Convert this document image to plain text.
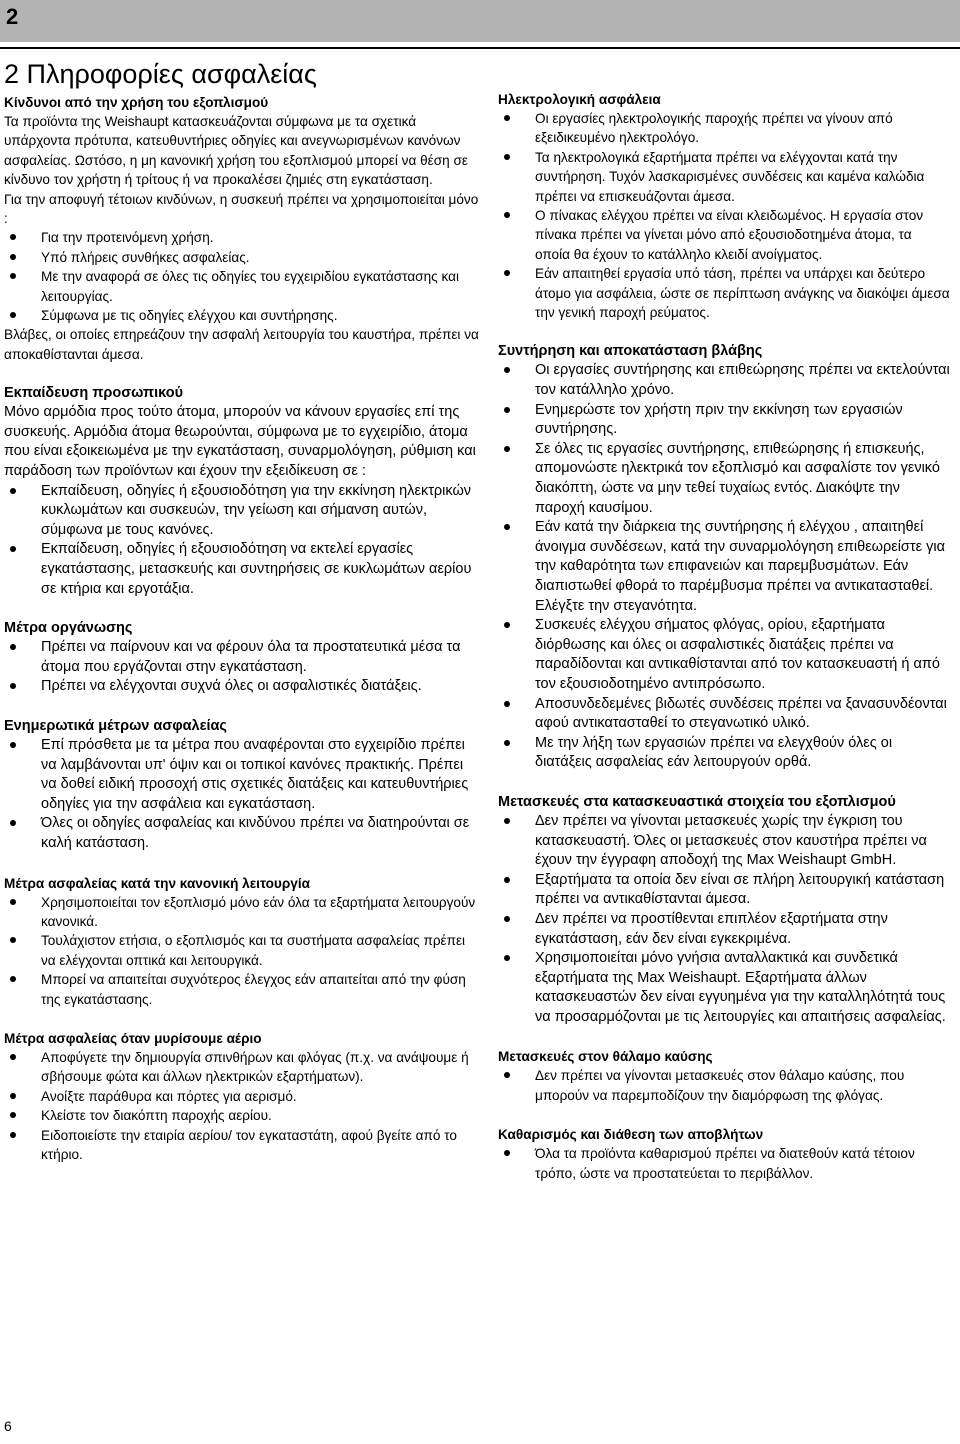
2
2 Πληροφορίες ασφαλείας
Κίνδυνοι από την χρήση του εξοπλισμού

Τα προϊόντα της Weishaupt κατασκευάζονται σύμφωνα με τα σχετικά υπάρχοντα πρότυπα, κατευθυντήριες οδηγίες και ανεγνωρισμένων κανόνων ασφαλείας. Ωστόσο, η μη κανονική χρήση του εξοπλισμού μπορεί να θέση σε κίνδυνο τον χρήστη ή τρίτους ή να προκαλέσει ζημιές στη εγκατάσταση.

Για την αποφυγή τέτοιων κινδύνων, η συσκευή πρέπει να χρησιμοποιείται μόνο :

Για την προτεινόμενη χρήση.
Υπό πλήρεις συνθήκες ασφαλείας.
Με την αναφορά σε όλες τις οδηγίες του εγχειριδίου εγκατάστασης και λειτουργίας.
Σύμφωνα με τις οδηγίες ελέγχου και συντήρησης.

Βλάβες, οι οποίες επηρεάζουν την ασφαλή λειτουργία του καυστήρα, πρέπει να αποκαθίστανται άμεσα.

Εκπαίδευση προσωπικού

Μόνο αρμόδια προς τούτο άτομα, μπορούν να κάνουν εργασίες επί της συσκευής. Αρμόδια άτομα θεωρούνται, σύμφωνα με το εγχειρίδιο, άτομα που είναι εξοικειωμένα με την εγκατάσταση, συναρμολόγηση, ρύθμιση και παράδοση των προϊόντων και έχουν την εξειδίκευση σε :

Εκπαίδευση, οδηγίες ή εξουσιοδότηση για την εκκίνηση ηλεκτρικών κυκλωμάτων και συσκευών, την γείωση και σήμανση αυτών, σύμφωνα με τους κανόνες.
Εκπαίδευση, οδηγίες ή εξουσιοδότηση να εκτελεί εργασίες εγκατάστασης, μετασκευής και συντηρήσεις σε κυκλωμάτων αερίου σε κτήρια και εργοτάξια.
Μέτρα οργάνωσης
Πρέπει να παίρνουν και να φέρουν όλα τα προστατευτικά μέσα τα άτομα που εργάζονται στην εγκατάσταση.
Πρέπει να ελέγχονται συχνά όλες οι ασφαλιστικές διατάξεις.
Ενημερωτικά μέτρων ασφαλείας
Επί πρόσθετα με τα μέτρα που αναφέρονται στο εγχειρίδιο πρέπει να λαμβάνονται υπ' όψιν και οι τοπικοί κανόνες πρακτικής. Πρέπει να δοθεί ειδική προσοχή στις σχετικές διατάξεις και κατευθυντήριες οδηγίες για την ασφάλεια και εγκατάσταση.
Όλες οι οδηγίες ασφαλείας και κινδύνου πρέπει να διατηρούνται σε καλή κατάσταση.
Μέτρα ασφαλείας κατά την κανονική λειτουργία
Χρησιμοποιείται τον εξοπλισμό μόνο εάν όλα τα εξαρτήματα λειτουργούν κανονικά.
Τουλάχιστον ετήσια, ο εξοπλισμός και τα συστήματα ασφαλείας πρέπει να ελέγχονται οπτικά και λειτουργικά.
Μπορεί να απαιτείται συχνότερος έλεγχος εάν απαιτείται από την φύση της εγκατάστασης.
Μέτρα ασφαλείας όταν μυρίσουμε αέριο
Αποφύγετε την δημιουργία σπινθήρων και φλόγας (π.χ. να ανάψουμε ή σβήσουμε φώτα και άλλων ηλεκτρικών εξαρτήματων).
Ανοίξτε παράθυρα και πόρτες για αερισμό.
Κλείστε τον διακόπτη παροχής αερίου.
Ειδοποιείστε την εταιρία αερίου/ τον εγκαταστάτη, αφού βγείτε από το κτήριο.
Ηλεκτρολογική ασφάλεια
Οι εργασίες ηλεκτρολογικής παροχής πρέπει να γίνουν από εξειδικευμένο ηλεκτρολόγο.
Τα ηλεκτρολογικά εξαρτήματα πρέπει να ελέγχονται κατά την συντήρηση. Τυχόν λασκαρισμένες συνδέσεις και καμένα καλώδια πρέπει να επισκευάζονται άμεσα.
Ο πίνακας ελέγχου πρέπει να είναι κλειδωμένος. Η εργασία στον πίνακα πρέπει να γίνεται μόνο από εξουσιοδοτημένα άτομα, τα οποία θα έχουν το κατάλληλο κλειδί ανοίγματος.
Εάν απαιτηθεί εργασία υπό τάση, πρέπει να υπάρχει και δεύτερο άτομο για ασφάλεια, ώστε σε περίπτωση ανάγκης να διακόψει άμεσα την γενική παροχή ρεύματος.
Συντήρηση και αποκατάσταση βλάβης
Οι εργασίες συντήρησης και επιθεώρησης πρέπει να εκτελούνται τον κατάλληλο χρόνο.
Ενημερώστε τον χρήστη πριν την εκκίνηση των εργασιών συντήρησης.
Σε όλες τις εργασίες συντήρησης, επιθεώρησης ή επισκευής, απομονώστε ηλεκτρικά τον εξοπλισμό και ασφαλίστε τον γενικό διακόπτη, ώστε να μην τεθεί τυχαίως εντός. Διακόψτε την παροχή καυσίμου.
Εάν κατά την διάρκεια της συντήρησης ή ελέγχου , απαιτηθεί άνοιγμα συνδέσεων, κατά την συναρμολόγηση επιθεωρείστε για την καθαρότητα των επιφανειών και παρεμβυσμάτων. Εάν διαπιστωθεί φθορά το παρέμβυσμα πρέπει να αντικατασταθεί. Ελέγξτε την στεγανότητα.
Συσκευές ελέγχου σήματος φλόγας, ορίου, εξαρτήματα διόρθωσης και όλες οι ασφαλιστικές διατάξεις πρέπει να παραδίδονται και αντικαθίστανται από τον κατασκευαστή ή από τον εξουσιοδοτημένο αντιπρόσωπο.
Αποσυνδεδεμένες βιδωτές συνδέσεις πρέπει να ξανασυνδέονται αφού αντικατασταθεί το στεγανωτικό υλικό.
Με την λήξη των εργασιών πρέπει να ελεγχθούν όλες οι διατάξεις ασφαλείας εάν λειτουργούν ορθά.
Μετασκευές στα κατασκευαστικά στοιχεία του εξοπλισμού
Δεν πρέπει να γίνονται μετασκευές χωρίς την έγκριση του κατασκευαστή. Όλες οι μετασκευές στον καυστήρα πρέπει να έχουν την έγγραφη αποδοχή της Max Weishaupt GmbH.
Εξαρτήματα τα οποία δεν είναι σε πλήρη λειτουργική κατάσταση πρέπει να αντικαθίστανται άμεσα.
Δεν πρέπει να προστίθενται επιπλέον εξαρτήματα στην εγκατάσταση, εάν δεν είναι εγκεκριμένα.
Χρησιμοποιείται μόνο γνήσια ανταλλακτικά και συνδετικά εξαρτήματα της Max Weishaupt. Εξαρτήματα άλλων κατασκευαστών δεν είναι εγγυημένα για την καταλληλότητά τους να προσαρμόζονται με τις λειτουργίες και απαιτήσεις ασφαλείας.
Μετασκευές στον θάλαμο καύσης
Δεν πρέπει να γίνονται μετασκευές στον θάλαμο καύσης, που μπορούν να παρεμποδίζουν την διαμόρφωση της φλόγας.
Καθαρισμός και διάθεση των αποβλήτων
Όλα τα προϊόντα καθαρισμού πρέπει να διατεθούν κατά τέτοιον τρόπο, ώστε να προστατεύεται το περιβάλλον.
6
